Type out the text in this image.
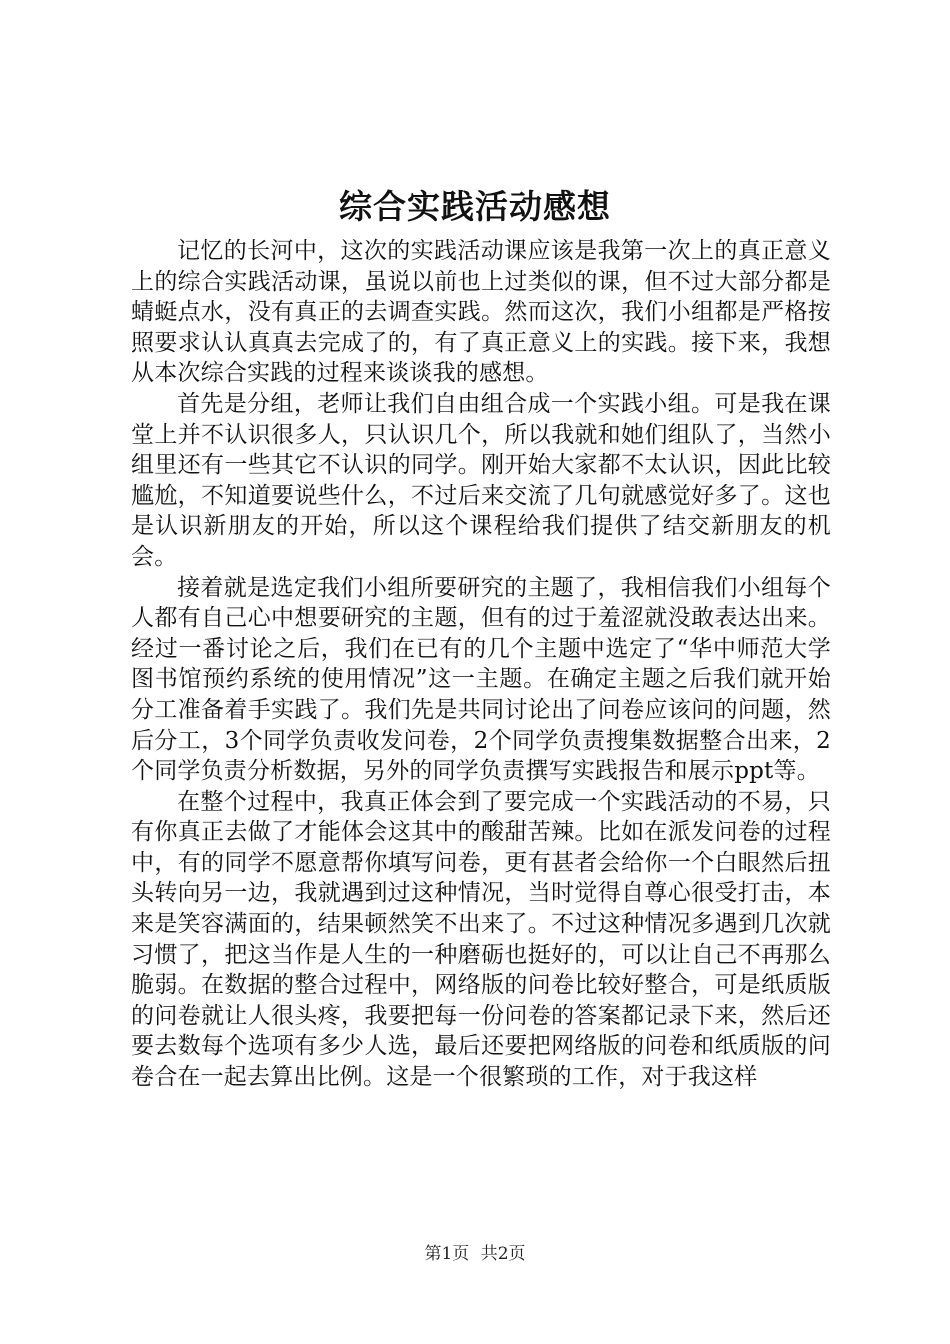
综合实践活动感想

记忆的长河中，这次的实践活动课应该是我第一次上的真正意义上的综合实践活动课，虽说以前也上过类似的课，但不过大部分都是蜻蜓点水，没有真正的去调查实践。然而这次，我们小组都是严格按照要求认认真真去完成了的，有了真正意义上的实践。接下来，我想从本次综合实践的过程来谈谈我的感想。

首先是分组，老师让我们自由组合成一个实践小组。可是我在课堂上并不认识很多人，只认识几个，所以我就和她们组队了，当然小组里还有一些其它不认识的同学。刚开始大家都不太认识，因此比较尴尬，不知道要说些什么，不过后来交流了几句就感觉好多了。这也是认识新朋友的开始，所以这个课程给我们提供了结交新朋友的机会。

接着就是选定我们小组所要研究的主题了，我相信我们小组每个人都有自己心中想要研究的主题，但有的过于羞涩就没敢表达出来。经过一番讨论之后，我们在已有的几个主题中选定了“华中师范大学图书馆预约系统的使用情况”这一主题。在确定主题之后我们就开始分工准备着手实践了。我们先是共同讨论出了问卷应该问的问题，然后分工，3个同学负责收发问卷，2个同学负责搜集数据整合出来，2个同学负责分析数据，另外的同学负责撰写实践报告和展示ppt等。

在整个过程中，我真正体会到了要完成一个实践活动的不易，只有你真正去做了才能体会这其中的酸甜苦辣。比如在派发问卷的过程中，有的同学不愿意帮你填写问卷，更有甚者会给你一个白眼然后扭头转向另一边，我就遇到过这种情况，当时觉得自尊心很受打击，本来是笑容满面的，结果顿然笑不出来了。不过这种情况多遇到几次就习惯了，把这当作是人生的一种磨砺也挺好的，可以让自己不再那么脆弱。在数据的整合过程中，网络版的问卷比较好整合，可是纸质版的问卷就让人很头疼，我要把每一份问卷的答案都记录下来，然后还要去数每个选项有多少人选，最后还要把网络版的问卷和纸质版的问卷合在一起去算出比例。这是一个很繁琐的工作，对于我这样

第1页 共2页
